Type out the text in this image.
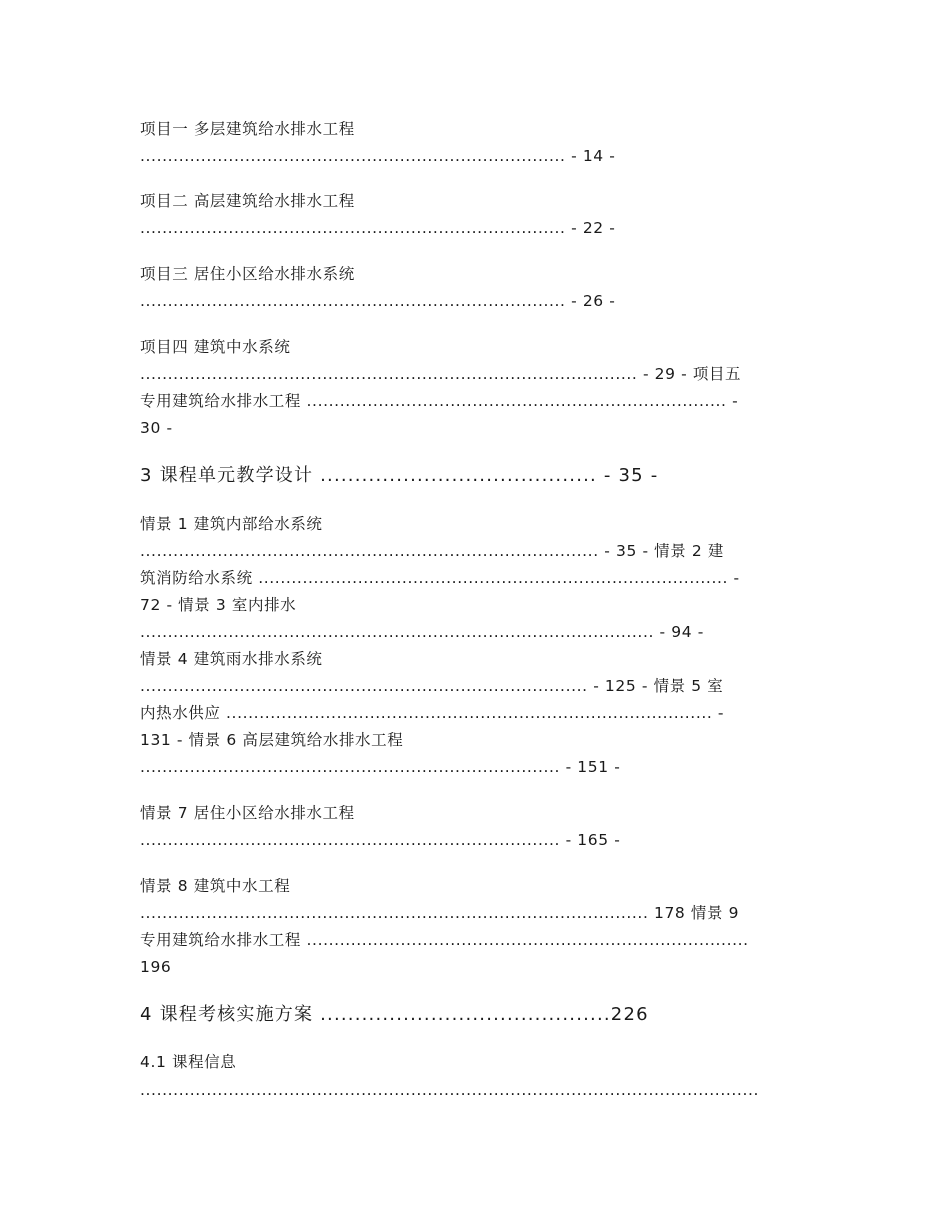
项目一 多层建筑给水排水工程
............................................................................. - 14 -
项目二 高层建筑给水排水工程
............................................................................. - 22 -
项目三 居住小区给水排水系统
............................................................................. - 26 -
项目四 建筑中水系统
.......................................................................................... - 29 - 项目五
专用建筑给水排水工程 ............................................................................ -
30 -
3 课程单元教学设计 ........................................ - 35 -
情景 1 建筑内部给水系统
................................................................................... - 35 - 情景 2 建
筑消防给水系统 ..................................................................................... -
72 - 情景 3 室内排水
............................................................................................. - 94 -
情景 4 建筑雨水排水系统
................................................................................. - 125 - 情景 5 室
内热水供应 ........................................................................................ -
131 - 情景 6 高层建筑给水排水工程
............................................................................ - 151 -
情景 7 居住小区给水排水工程
............................................................................ - 165 -
情景 8 建筑中水工程
............................................................................................ 178 情景 9
专用建筑给水排水工程 ................................................................................
196
4 课程考核实施方案 ..........................................226
4.1 课程信息
................................................................................................................
